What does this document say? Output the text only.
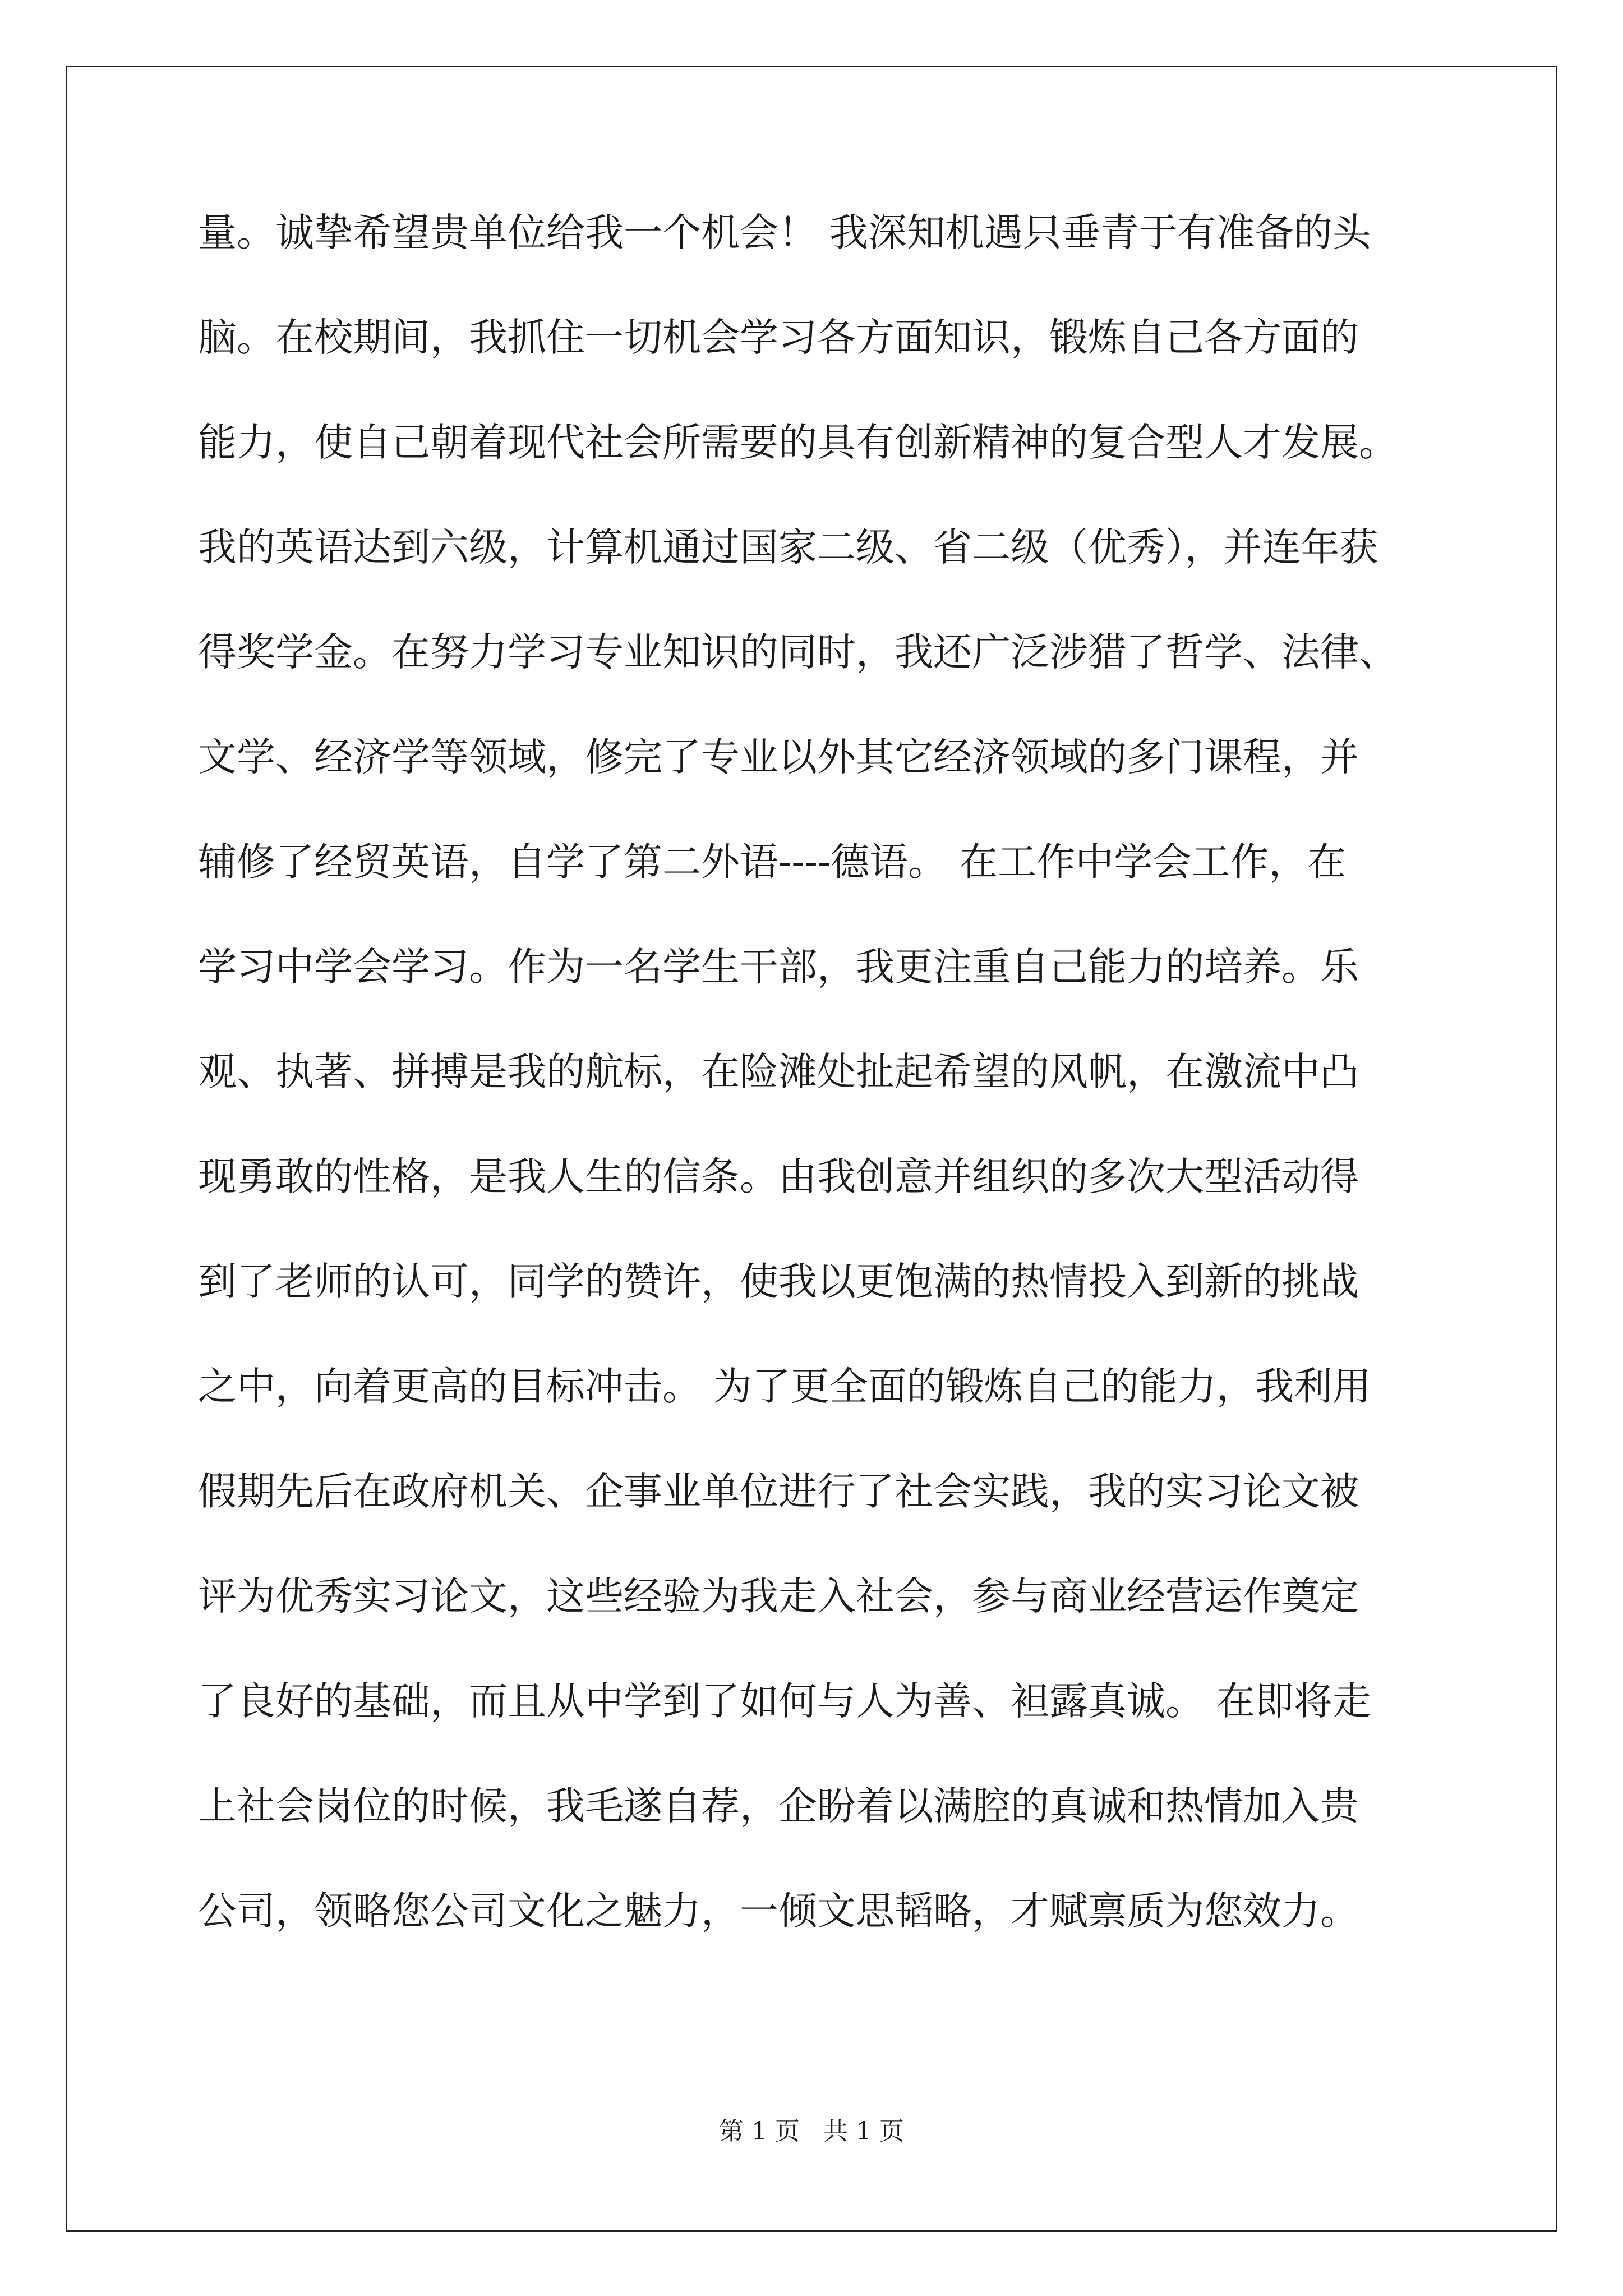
量。诚挚希望贵单位给我一个机会！ 我深知机遇只垂青于有准备的头
脑。在校期间，我抓住一切机会学习各方面知识，锻炼自己各方面的
能力，使自己朝着现代社会所需要的具有创新精神的复合型人才发展。
我的英语达到六级，计算机通过国家二级、省二级（优秀），并连年获
得奖学金。在努力学习专业知识的同时，我还广泛涉猎了哲学、法律、
文学、经济学等领域，修完了专业以外其它经济领域的多门课程，并
辅修了经贸英语，自学了第二外语----德语。 在工作中学会工作，在
学习中学会学习。作为一名学生干部，我更注重自己能力的培养。乐
观、执著、拼搏是我的航标，在险滩处扯起希望的风帆，在激流中凸
现勇敢的性格，是我人生的信条。由我创意并组织的多次大型活动得
到了老师的认可，同学的赞许，使我以更饱满的热情投入到新的挑战
之中，向着更高的目标冲击。 为了更全面的锻炼自己的能力，我利用
假期先后在政府机关、企事业单位进行了社会实践，我的实习论文被
评为优秀实习论文，这些经验为我走入社会，参与商业经营运作奠定
了良好的基础，而且从中学到了如何与人为善、袒露真诚。 在即将走
上社会岗位的时候，我毛遂自荐，企盼着以满腔的真诚和热情加入贵
公司，领略您公司文化之魅力，一倾文思韬略，才赋禀质为您效力。
第 1 页   共 1 页
